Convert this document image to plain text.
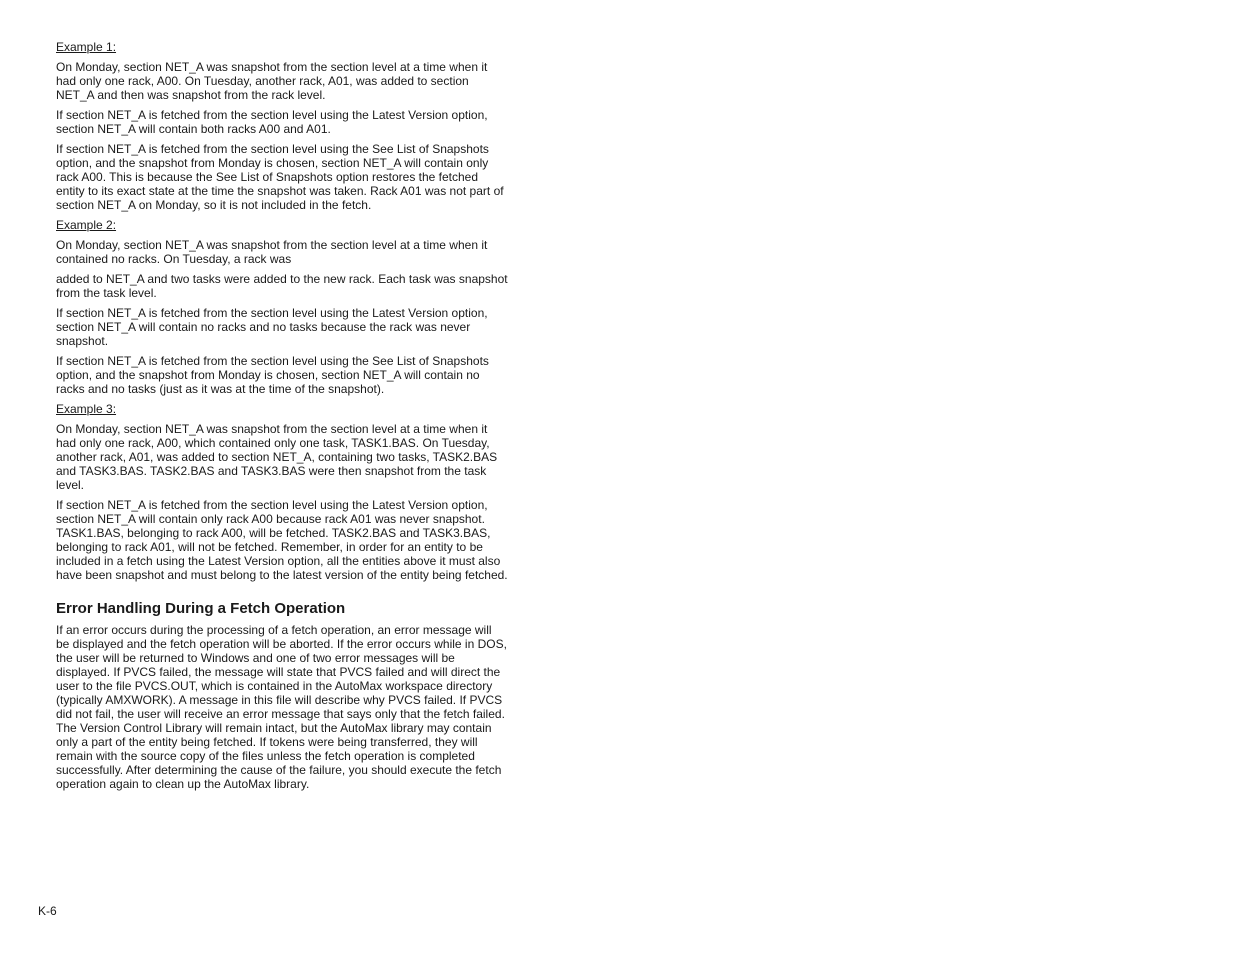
Example 1:

On Monday, section NET_A was snapshot from the section level at a time when it had only one rack, A00. On Tuesday, another rack, A01, was added to section NET_A and then was snapshot from the rack level.

If section NET_A is fetched from the section level using the Latest Version option, section NET_A will contain both racks A00 and A01.

If section NET_A is fetched from the section level using the See List of Snapshots option, and the snapshot from Monday is chosen, section NET_A will contain only rack A00. This is because the See List of Snapshots option restores the fetched entity to its exact state at the time the snapshot was taken. Rack A01 was not part of section NET_A on Monday, so it is not included in the fetch.

Example 2:

On Monday, section NET_A was snapshot from the section level at a time when it contained no racks. On Tuesday, a rack was

added to NET_A and two tasks were added to the new rack. Each task was snapshot from the task level.

If section NET_A is fetched from the section level using the Latest Version option, section NET_A will contain no racks and no tasks because the rack was never snapshot.

If section NET_A is fetched from the section level using the See List of Snapshots option, and the snapshot from Monday is chosen, section NET_A will contain no racks and no tasks (just as it was at the time of the snapshot).

Example 3:

On Monday, section NET_A was snapshot from the section level at a time when it had only one rack, A00, which contained only one task, TASK1.BAS. On Tuesday, another rack, A01, was added to section NET_A, containing two tasks, TASK2.BAS and TASK3.BAS. TASK2.BAS and TASK3.BAS were then snapshot from the task level.

If section NET_A is fetched from the section level using the Latest Version option, section NET_A will contain only rack A00 because rack A01 was never snapshot. TASK1.BAS, belonging to rack A00, will be fetched. TASK2.BAS and TASK3.BAS, belonging to rack A01, will not be fetched. Remember, in order for an entity to be included in a fetch using the Latest Version option, all the entities above it must also have been snapshot and must belong to the latest version of the entity being fetched.

Error Handling During a Fetch Operation

If an error occurs during the processing of a fetch operation, an error message will be displayed and the fetch operation will be aborted. If the error occurs while in DOS, the user will be returned to Windows and one of two error messages will be displayed. If PVCS failed, the message will state that PVCS failed and will direct the user to the file PVCS.OUT, which is contained in the AutoMax workspace directory (typically AMXWORK). A message in this file will describe why PVCS failed. If PVCS did not fail, the user will receive an error message that says only that the fetch failed. The Version Control Library will remain intact, but the AutoMax library may contain only a part of the entity being fetched. If tokens were being transferred, they will remain with the source copy of the files unless the fetch operation is completed successfully. After determining the cause of the failure, you should execute the fetch operation again to clean up the AutoMax library.

K-6
